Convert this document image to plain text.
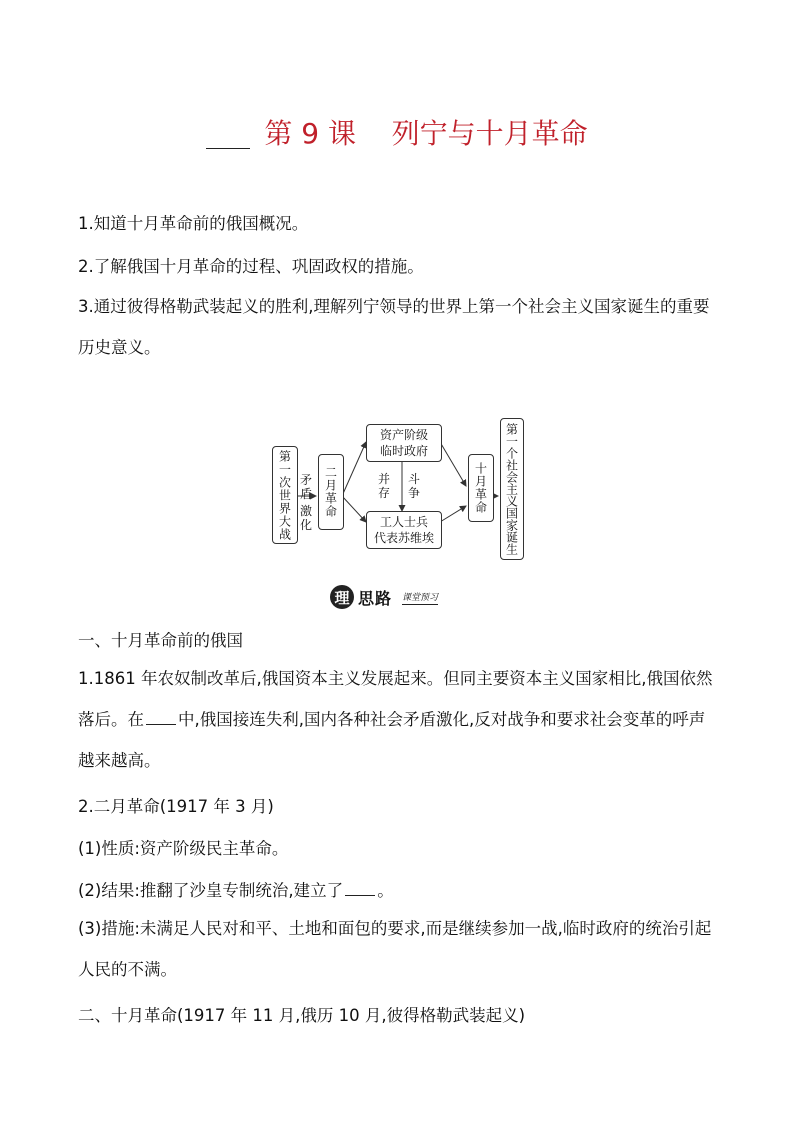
第 9 课 列宁与十月革命
1.知道十月革命前的俄国概况。
2.了解俄国十月革命的过程、巩固政权的措施。
3.通过彼得格勒武装起义的胜利,理解列宁领导的世界上第一个社会主义国家诞生的重要历史意义。
第一次世界大战 矛盾
激化
二月革命
资产阶级
临时政府
并存
斗争
工人士兵
代表苏维埃
十月革命	第一个社会主义国家诞生
理 思路 课堂预习
一、十月革命前的俄国
1.1861 年农奴制改革后,俄国资本主义发展起来。但同主要资本主义国家相比,俄国依然落后。在 中,俄国接连失利,国内各种社会矛盾激化,反对战争和要求社会变革的呼声越来越高。
2.二月革命(1917 年 3 月)
(1)性质:资产阶级民主革命。
(2)结果:推翻了沙皇专制统治,建立了 。
(3)措施:未满足人民对和平、土地和面包的要求,而是继续参加一战,临时政府的统治引起人民的不满。
二、十月革命(1917 年 11 月,俄历 10 月,彼得格勒武装起义)
